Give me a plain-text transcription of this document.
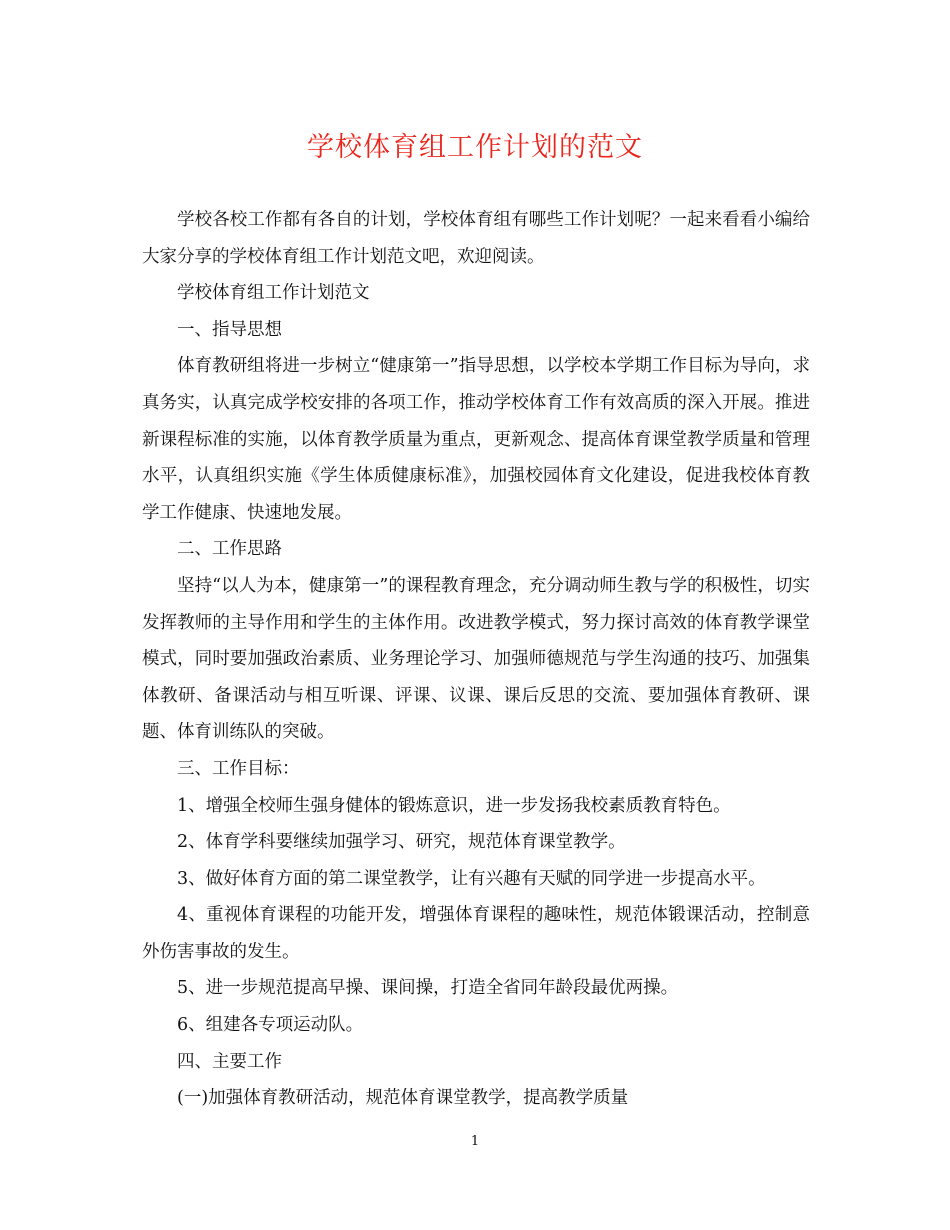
学校体育组工作计划的范文

学校各校工作都有各自的计划，学校体育组有哪些工作计划呢？一起来看看小编给大家分享的学校体育组工作计划范文吧，欢迎阅读。

学校体育组工作计划范文

一、指导思想

体育教研组将进一步树立“健康第一”指导思想，以学校本学期工作目标为导向，求真务实，认真完成学校安排的各项工作，推动学校体育工作有效高质的深入开展。推进新课程标准的实施，以体育教学质量为重点，更新观念、提高体育课堂教学质量和管理水平，认真组织实施《学生体质健康标准》，加强校园体育文化建设，促进我校体育教学工作健康、快速地发展。

二、工作思路

坚持“以人为本，健康第一”的课程教育理念，充分调动师生教与学的积极性，切实发挥教师的主导作用和学生的主体作用。改进教学模式，努力探讨高效的体育教学课堂模式，同时要加强政治素质、业务理论学习、加强师德规范与学生沟通的技巧、加强集体教研、备课活动与相互听课、评课、议课、课后反思的交流、要加强体育教研、课题、体育训练队的突破。

三、工作目标：

1、增强全校师生强身健体的锻炼意识，进一步发扬我校素质教育特色。

2、体育学科要继续加强学习、研究，规范体育课堂教学。

3、做好体育方面的第二课堂教学，让有兴趣有天赋的同学进一步提高水平。

4、重视体育课程的功能开发，增强体育课程的趣味性，规范体锻课活动，控制意外伤害事故的发生。

5、进一步规范提高早操、课间操，打造全省同年龄段最优两操。

6、组建各专项运动队。

四、主要工作

(一)加强体育教研活动，规范体育课堂教学，提高教学质量

1
